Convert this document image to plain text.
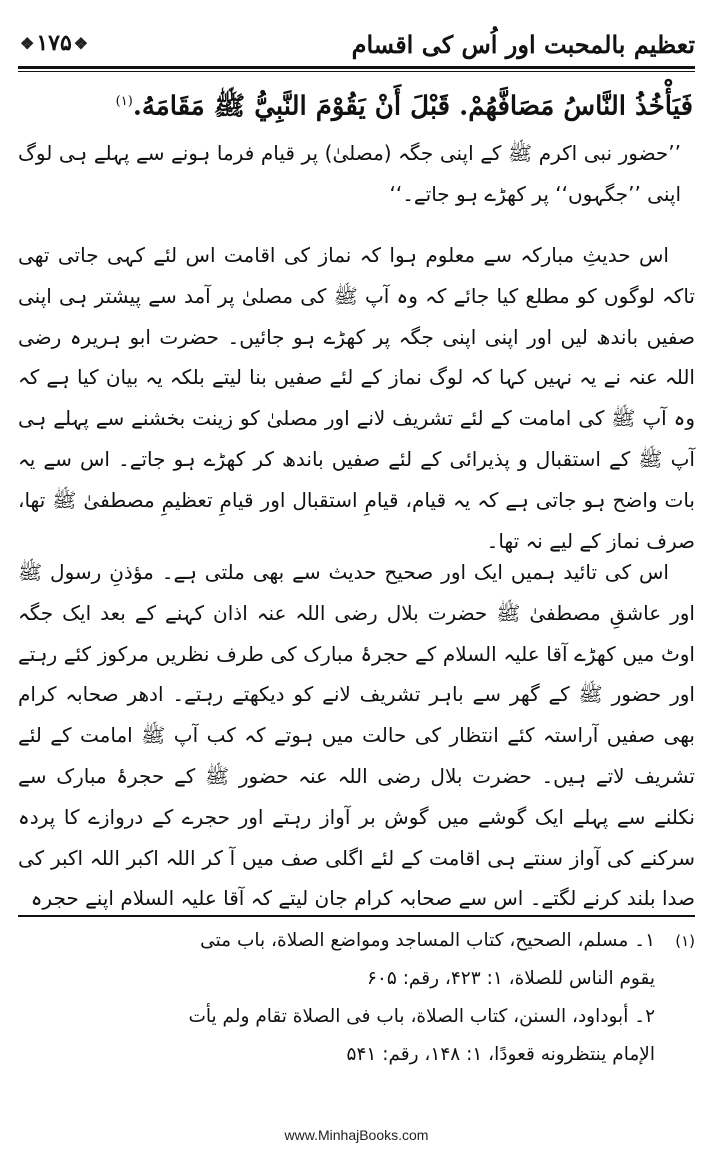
تعظیم بالمحبت اور اُس کی اقسام
❖ ۱۷۵ ❖
فَيَأْخُذُ النَّاسُ مَصَافَّهُمْ. قَبْلَ أَنْ يَقُوْمَ النَّبِيُّ ﷺ مَقَامَهُ.$^{(۱)}$
’’حضور نبی اکرم ﷺ کے اپنی جگہ (مصلیٰ) پر قیام فرما ہونے سے پہلے ہی لوگ اپنی ’’جگہوں‘‘ پر کھڑے ہو جاتے۔‘‘
اس حدیثِ مبارکہ سے معلوم ہوا کہ نماز کی اقامت اس لئے کہی جاتی تھی تاکہ لوگوں کو مطلع کیا جائے کہ وہ آپ ﷺ کی مصلیٰ پر آمد سے پیشتر ہی اپنی صفیں باندھ لیں اور اپنی اپنی جگہ پر کھڑے ہو جائیں۔ حضرت ابو ہریرہ رضی اللہ عنہ نے یہ نہیں کہا کہ لوگ نماز کے لئے صفیں بنا لیتے بلکہ یہ بیان کیا ہے کہ وہ آپ ﷺ کی امامت کے لئے تشریف لانے اور مصلیٰ کو زینت بخشنے سے پہلے ہی آپ ﷺ کے استقبال و پذیرائی کے لئے صفیں باندھ کر کھڑے ہو جاتے۔ اس سے یہ بات واضح ہو جاتی ہے کہ یہ قیام، قیامِ استقبال اور قیامِ تعظیمِ مصطفیٰ ﷺ تھا، صرف نماز کے لیے نہ تھا۔
اس کی تائید ہمیں ایک اور صحیح حدیث سے بھی ملتی ہے۔ مؤذنِ رسول ﷺ اور عاشقِ مصطفیٰ ﷺ حضرت بلال رضی اللہ عنہ اذان کہنے کے بعد ایک جگہ اوٹ میں کھڑے آقا علیہ السلام کے حجرۂ مبارک کی طرف نظریں مرکوز کئے رہتے اور حضور ﷺ کے گھر سے باہر تشریف لانے کو دیکھتے رہتے۔ ادھر صحابہ کرام بھی صفیں آراستہ کئے انتظار کی حالت میں ہوتے کہ کب آپ ﷺ امامت کے لئے تشریف لاتے ہیں۔ حضرت بلال رضی اللہ عنہ حضور ﷺ کے حجرۂ مبارک سے نکلنے سے پہلے ایک گوشے میں گوش بر آواز رہتے اور حجرے کے دروازے کا پردہ سرکنے کی آواز سنتے ہی اقامت کے لئے اگلی صف میں آ کر اللہ اکبر اللہ اکبر کی صدا بلند کرنے لگتے۔ اس سے صحابہ کرام جان لیتے کہ آقا علیہ السلام اپنے حجرہ
(۱)
۱۔ مسلم، الصحیح، کتاب المساجد ومواضع الصلاة، باب متی
یقوم الناس للصلاة، ۱: ۴۲۳، رقم: ۶۰۵
۲۔ أبوداود، السنن، کتاب الصلاة، باب فی الصلاة تقام ولم یأت
الإمام ینتظرونه قعودًا، ۱: ۱۴۸، رقم: ۵۴۱
www.MinhajBooks.com
